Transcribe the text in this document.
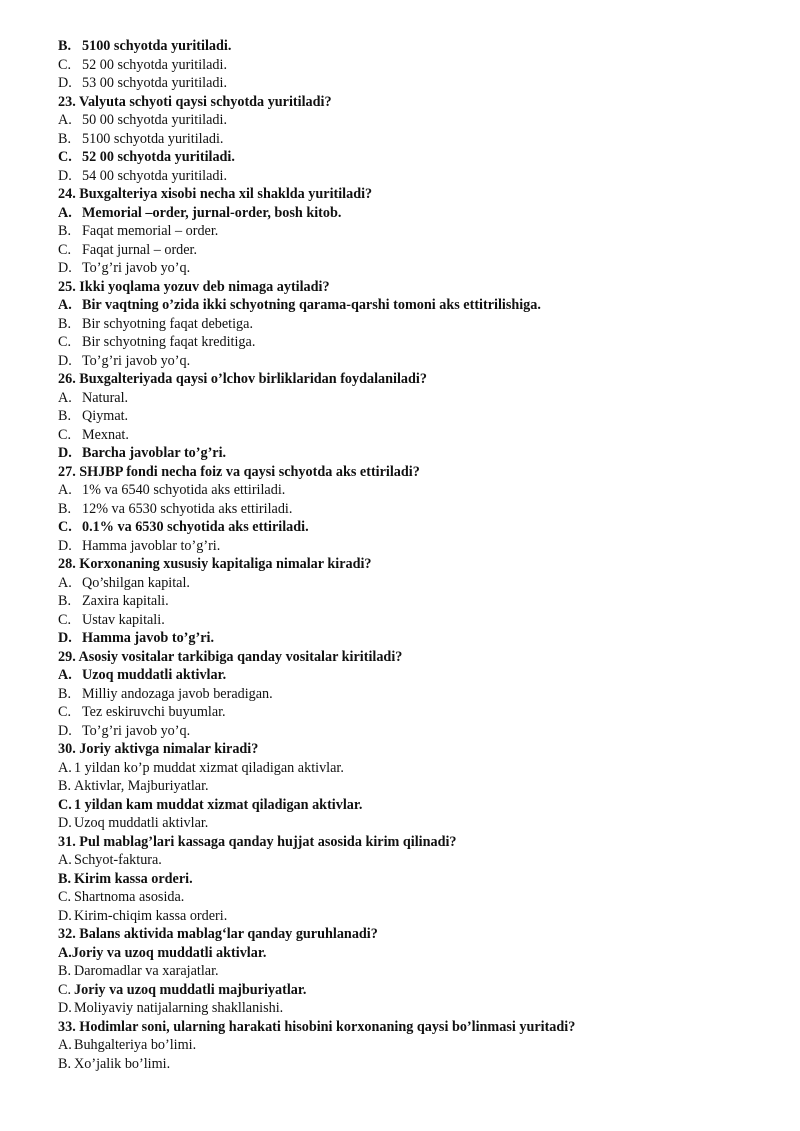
B. 5100 schyotda yuritiladi.
C. 52 00 schyotda yuritiladi.
D. 53 00 schyotda yuritiladi.
23. Valyuta schyoti qaysi schyotda yuritiladi?
A. 50 00 schyotda yuritiladi.
B. 5100 schyotda yuritiladi.
C. 52 00 schyotda yuritiladi.
D. 54 00 schyotda yuritiladi.
24. Buxgalteriya xisobi necha xil shaklda yuritiladi?
A. Memorial –order, jurnal-order, bosh kitob.
B. Faqat memorial – order.
C. Faqat jurnal – order.
D. To’g’ri javob yo’q.
25. Ikki yoqlama yozuv deb nimaga aytiladi?
A. Bir vaqtning o’zida ikki schyotning qarama-qarshi tomoni aks ettitrilishiga.
B. Bir schyotning faqat debetiga.
C. Bir schyotning faqat kreditiga.
D. To’g’ri javob yo’q.
26. Buxgalteriyada qaysi o’lchov birliklaridan foydalaniladi?
A. Natural.
B. Qiymat.
C. Mexnat.
D. Barcha javoblar to’g’ri.
27. SHJBP fondi necha foiz va qaysi schyotda aks ettiriladi?
A. 1% va 6540 schyotida aks ettiriladi.
B. 12% va 6530 schyotida aks ettiriladi.
C. 0.1% va 6530 schyotida aks ettiriladi.
D. Hamma javoblar to’g’ri.
28. Korxonaning xususiy kapitaliga nimalar kiradi?
A. Qo’shilgan kapital.
B. Zaxira kapitali.
C. Ustav kapitali.
D. Hamma javob to’g’ri.
29. Asosiy vositalar tarkibiga qanday vositalar kiritiladi?
A. Uzoq muddatli aktivlar.
B. Milliy andozaga javob beradigan.
C. Tez eskiruvchi buyumlar.
D. To’g’ri javob yo’q.
30. Joriy aktivga nimalar kiradi?
A. 1 yildan ko’p muddat xizmat qiladigan aktivlar.
B. Aktivlar, Majburiyatlar.
C. 1 yildan kam muddat xizmat qiladigan aktivlar.
D. Uzoq muddatli aktivlar.
31. Pul mablag’lari kassaga qanday hujjat asosida kirim qilinadi?
A. Schyot-faktura.
B. Kirim kassa orderi.
C. Shartnoma asosida.
D. Kirim-chiqim kassa orderi.
32. Balans aktivida mablag‘lar qanday guruhlanadi?
A.Joriy va uzoq muddatli aktivlar.
B. Daromadlar va xarajatlar.
C. Joriy va uzoq muddatli majburiyatlar.
D. Moliyaviy natijalarning shakllanishi.
33. Hodimlar soni, ularning harakati hisobini korxonaning qaysi bo’linmasi yuritadi?
A. Buhgalteriya bo’limi.
B. Xo’jalik bo’limi.
